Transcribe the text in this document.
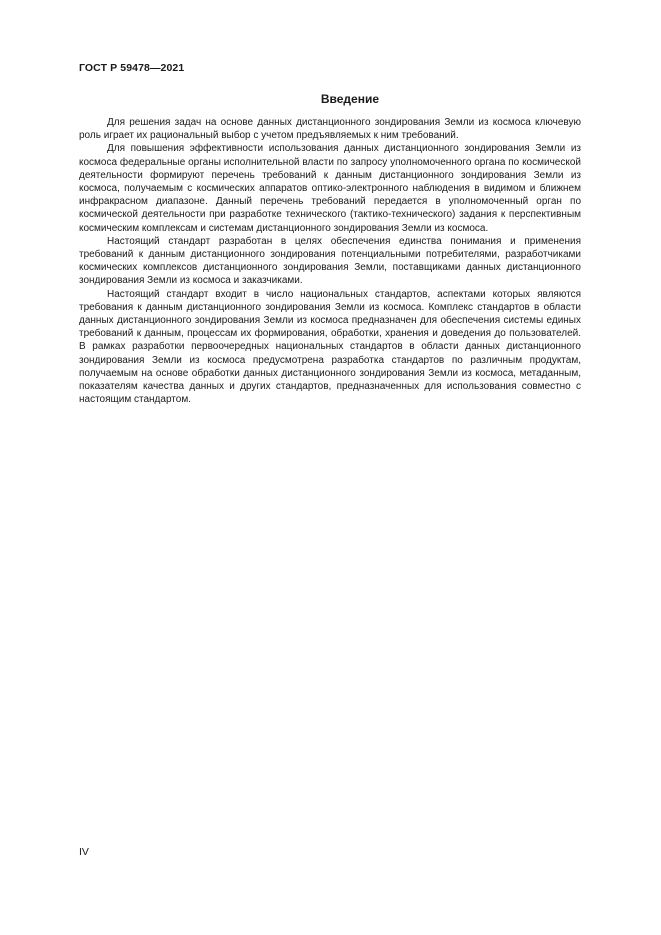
ГОСТ Р 59478—2021
Введение

Для решения задач на основе данных дистанционного зондирования Земли из космоса ключевую роль играет их рациональный выбор с учетом предъявляемых к ним требований.

Для повышения эффективности использования данных дистанционного зондирования Земли из космоса федеральные органы исполнительной власти по запросу уполномоченного органа по космической деятельности формируют перечень требований к данным дистанционного зондирования Земли из космоса, получаемым с космических аппаратов оптико-электронного наблюдения в видимом и ближнем инфракрасном диапазоне. Данный перечень требований передается в уполномоченный орган по космической деятельности при разработке технического (тактико-технического) задания к перспективным космическим комплексам и системам дистанционного зондирования Земли из космоса.

Настоящий стандарт разработан в целях обеспечения единства понимания и применения требований к данным дистанционного зондирования потенциальными потребителями, разработчиками космических комплексов дистанционного зондирования Земли, поставщиками данных дистанционного зондирования Земли из космоса и заказчиками.

Настоящий стандарт входит в число национальных стандартов, аспектами которых являются требования к данным дистанционного зондирования Земли из космоса. Комплекс стандартов в области данных дистанционного зондирования Земли из космоса предназначен для обеспечения системы единых требований к данным, процессам их формирования, обработки, хранения и доведения до пользователей. В рамках разработки первоочередных национальных стандартов в области данных дистанционного зондирования Земли из космоса предусмотрена разработка стандартов по различным продуктам, получаемым на основе обработки данных дистанционного зондирования Земли из космоса, метаданным, показателям качества данных и других стандартов, предназначенных для использования совместно с настоящим стандартом.

IV
